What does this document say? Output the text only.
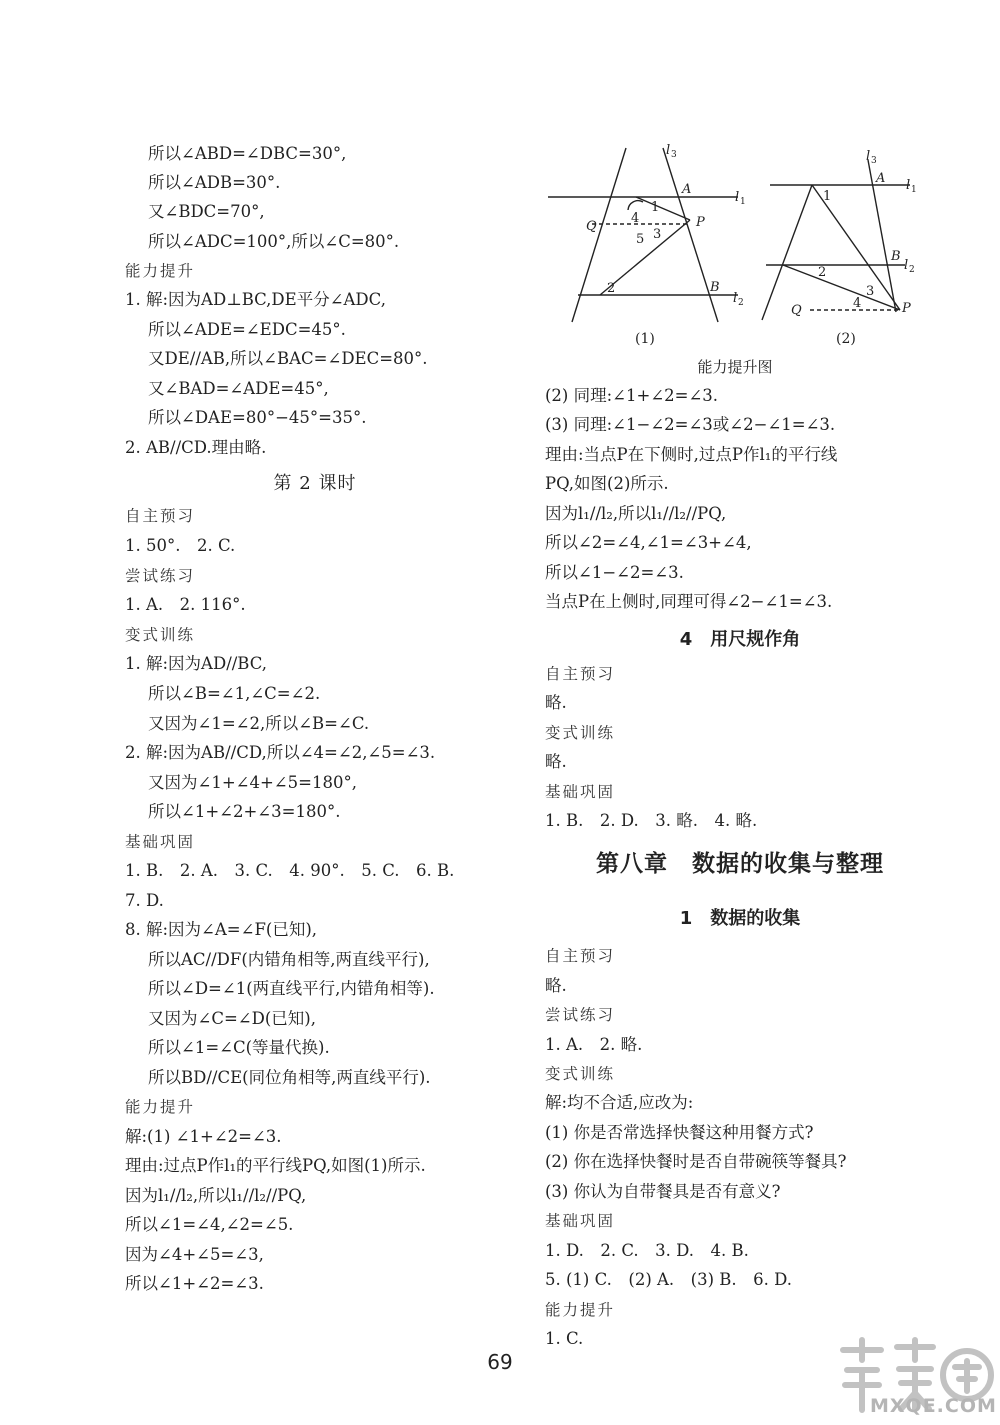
所以∠ABD=∠DBC=30°,
所以∠ADB=30°.
又∠BDC=70°,
所以∠ADC=100°,所以∠C=80°.
能力提升
1. 解:因为AD⊥BC,DE平分∠ADC,
所以∠ADE=∠EDC=45°.
又DE//AB,所以∠BAC=∠DEC=80°.
又∠BAD=∠ADE=45°,
所以∠DAE=80°−45°=35°.
2. AB//CD.理由略.
自主预习
1. 50°.　2. C.
尝试练习
1. A.　2. 116°.
变式训练
1. 解:因为AD//BC,
所以∠B=∠1,∠C=∠2.
又因为∠1=∠2,所以∠B=∠C.
2. 解:因为AB//CD,所以∠4=∠2,∠5=∠3.
又因为∠1+∠4+∠5=180°,
所以∠1+∠2+∠3=180°.
基础巩固
1. B.　2. A.　3. C.　4. 90°.　5. C.　6. B.
7. D.
8. 解:因为∠A=∠F(已知),
所以AC//DF(内错角相等,两直线平行),
所以∠D=∠1(两直线平行,内错角相等).
又因为∠C=∠D(已知),
所以∠1=∠C(等量代换).
所以BD//CE(同位角相等,两直线平行).
能力提升
解:(1) ∠1+∠2=∠3.
理由:过点P作l₁的平行线PQ,如图(1)所示.
因为l₁//l₂,所以l₁//l₂//PQ,
所以∠1=∠4,∠2=∠5.
因为∠4+∠5=∠3,
所以∠1+∠2=∠3.
第 2 课时
(2) 同理:∠1+∠2=∠3.
(3) 同理:∠1−∠2=∠3或∠2−∠1=∠3.
理由:当点P在下侧时,过点P作l₁的平行线
PQ,如图(2)所示.
因为l₁//l₂,所以l₁//l₂//PQ,
所以∠2=∠4,∠1=∠3+∠4,
所以∠1−∠2=∠3.
当点P在上侧时,同理可得∠2−∠1=∠3.
自主预习
略.
变式训练
略.
基础巩固
1. B.　2. D.　3. 略.　4. 略.
自主预习
略.
尝试练习
1. A.　2. 略.
变式训练
解:均不合适,应改为:
(1) 你是否常选择快餐这种用餐方式?
(2) 你在选择快餐时是否自带碗筷等餐具?
(3) 你认为自带餐具是否有意义?
基础巩固
1. D.　2. C.　3. D.　4. B.
5. (1) C.　(2) A.　(3) B.　6. D.
能力提升
1. C.
4　用尺规作角
第八章　数据的收集与整理
1　数据的收集
l 3
l 1
A
P
Q
4
1
5 3
2	B
l 2
l 3
l 1
A
1
B
l 2
2
3
4	P
Q
(1)	(2)
能力提升图
69
MXQE.COM
